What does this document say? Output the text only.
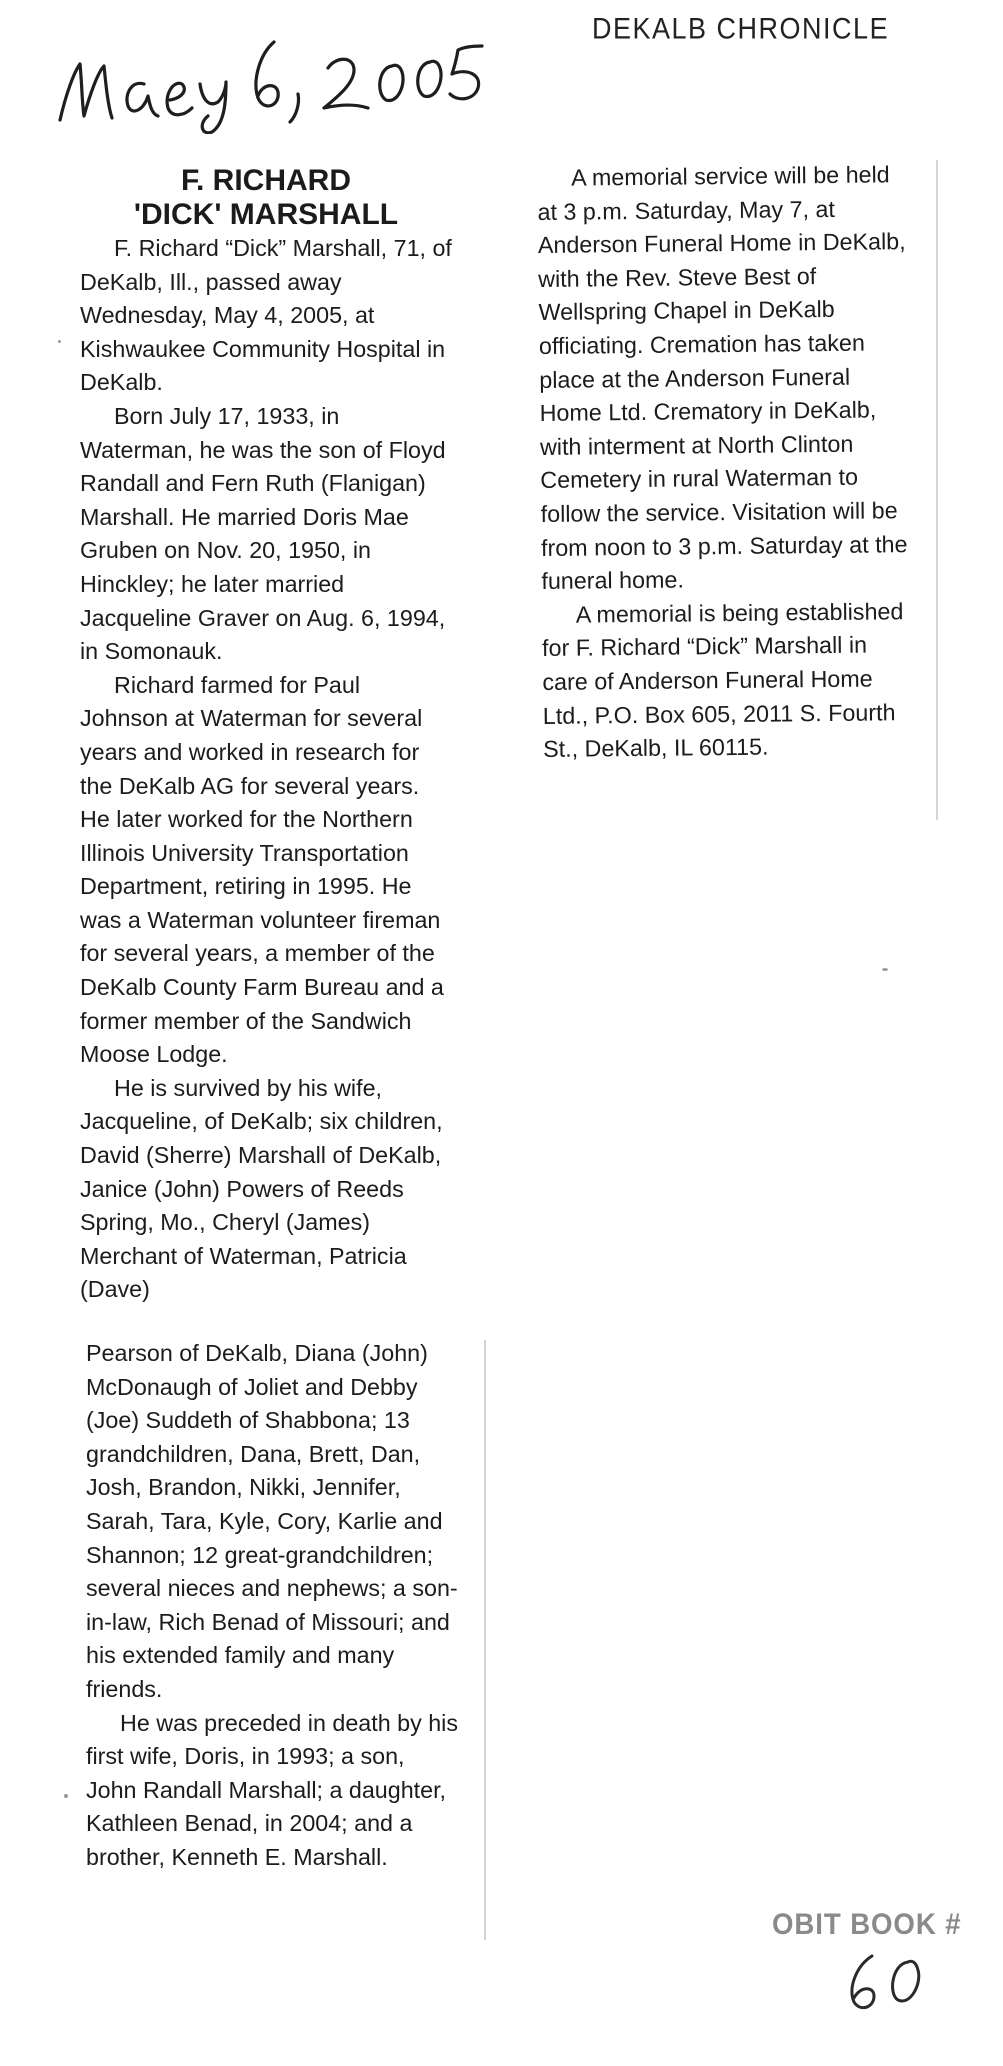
DEKALB CHRONICLE
F. RICHARD
'DICK' MARSHALL

F. Richard “Dick” Marshall, 71, of DeKalb, Ill., passed away Wednesday, May 4, 2005, at Kishwaukee Community Hospital in DeKalb.

Born July 17, 1933, in Waterman, he was the son of Floyd Randall and Fern Ruth (Flanigan) Marshall. He married Doris Mae Gruben on Nov. 20, 1950, in Hinckley; he later married Jacqueline Graver on Aug. 6, 1994, in Somonauk.

Richard farmed for Paul Johnson at Waterman for several years and worked in research for the DeKalb AG for several years. He later worked for the Northern Illinois University Transportation Department, retiring in 1995. He was a Waterman volunteer fireman for several years, a member of the DeKalb County Farm Bureau and a former member of the Sandwich Moose Lodge.

He is survived by his wife, Jacqueline, of DeKalb; six children, David (Sherre) Marshall of DeKalb, Janice (John) Powers of Reeds Spring, Mo., Cheryl (James) Merchant of Waterman, Patricia (Dave)

Pearson of DeKalb, Diana (John) McDonaugh of Joliet and Debby (Joe) Suddeth of Shabbona; 13 grandchildren, Dana, Brett, Dan, Josh, Brandon, Nikki, Jennifer, Sarah, Tara, Kyle, Cory, Karlie and Shannon; 12 great-grandchildren; several nieces and nephews; a son-in-law, Rich Benad of Missouri; and his extended family and many friends.

He was preceded in death by his first wife, Doris, in 1993; a son, John Randall Marshall; a daughter, Kathleen Benad, in 2004; and a brother, Kenneth E. Marshall.

A memorial service will be held at 3 p.m. Saturday, May 7, at Anderson Funeral Home in DeKalb, with the Rev. Steve Best of Wellspring Chapel in DeKalb officiating. Cremation has taken place at the Anderson Funeral Home Ltd. Crematory in DeKalb, with interment at North Clinton Cemetery in rural Waterman to follow the service. Visitation will be from noon to 3 p.m. Saturday at the funeral home.

A memorial is being established for F. Richard “Dick” Marshall in care of Anderson Funeral Home Ltd., P.O. Box 605, 2011 S. Fourth St., DeKalb, IL 60115.

OBIT BOOK #
